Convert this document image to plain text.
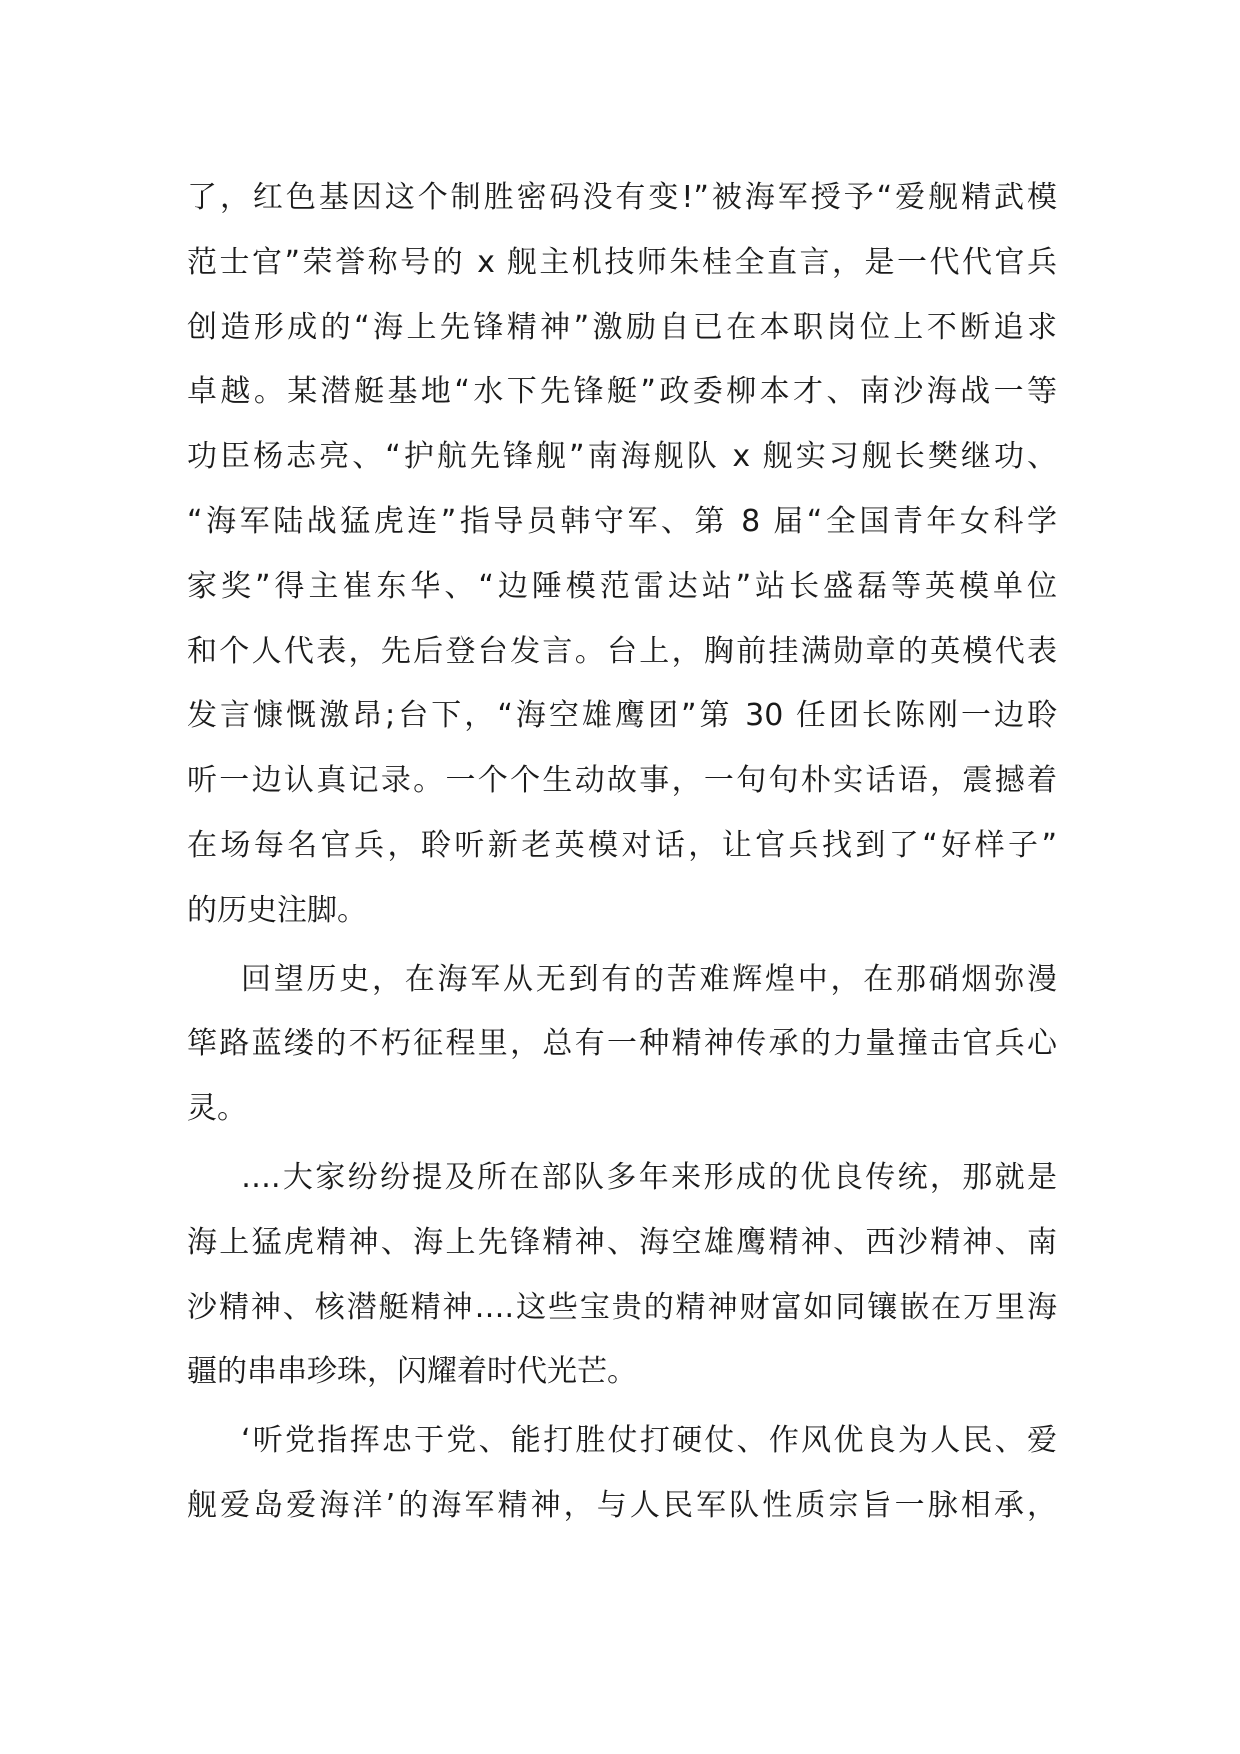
了，红色基因这个制胜密码没有变!”被海军授予“爱舰精武模
范士官”荣誉称号的 x 舰主机技师朱桂全直言，是一代代官兵
创造形成的“海上先锋精神”激励自已在本职岗位上不断追求
卓越。某潜艇基地“水下先锋艇”政委柳本才、南沙海战一等
功臣杨志亮、“护航先锋舰”南海舰队 x 舰实习舰长樊继功、
“海军陆战猛虎连”指导员韩守军、第 8 届“全国青年女科学
家奖”得主崔东华、“边陲模范雷达站”站长盛磊等英模单位
和个人代表，先后登台发言。台上，胸前挂满勋章的英模代表
发言慷慨激昂;台下，“海空雄鹰团”第 30 任团长陈刚一边聆
听一边认真记录。一个个生动故事，一句句朴实话语，震撼着
在场每名官兵，聆听新老英模对话，让官兵找到了“好样子”
的历史注脚。
回望历史，在海军从无到有的苦难辉煌中，在那硝烟弥漫
筚路蓝缕的不朽征程里，总有一种精神传承的力量撞击官兵心
灵。
….大家纷纷提及所在部队多年来形成的优良传统，那就是
海上猛虎精神、海上先锋精神、海空雄鹰精神、西沙精神、南
沙精神、核潜艇精神….这些宝贵的精神财富如同镶嵌在万里海
疆的串串珍珠，闪耀着时代光芒。
‘听党指挥忠于党、能打胜仗打硬仗、作风优良为人民、爱
舰爱岛爱海洋’的海军精神，与人民军队性质宗旨一脉相承，
